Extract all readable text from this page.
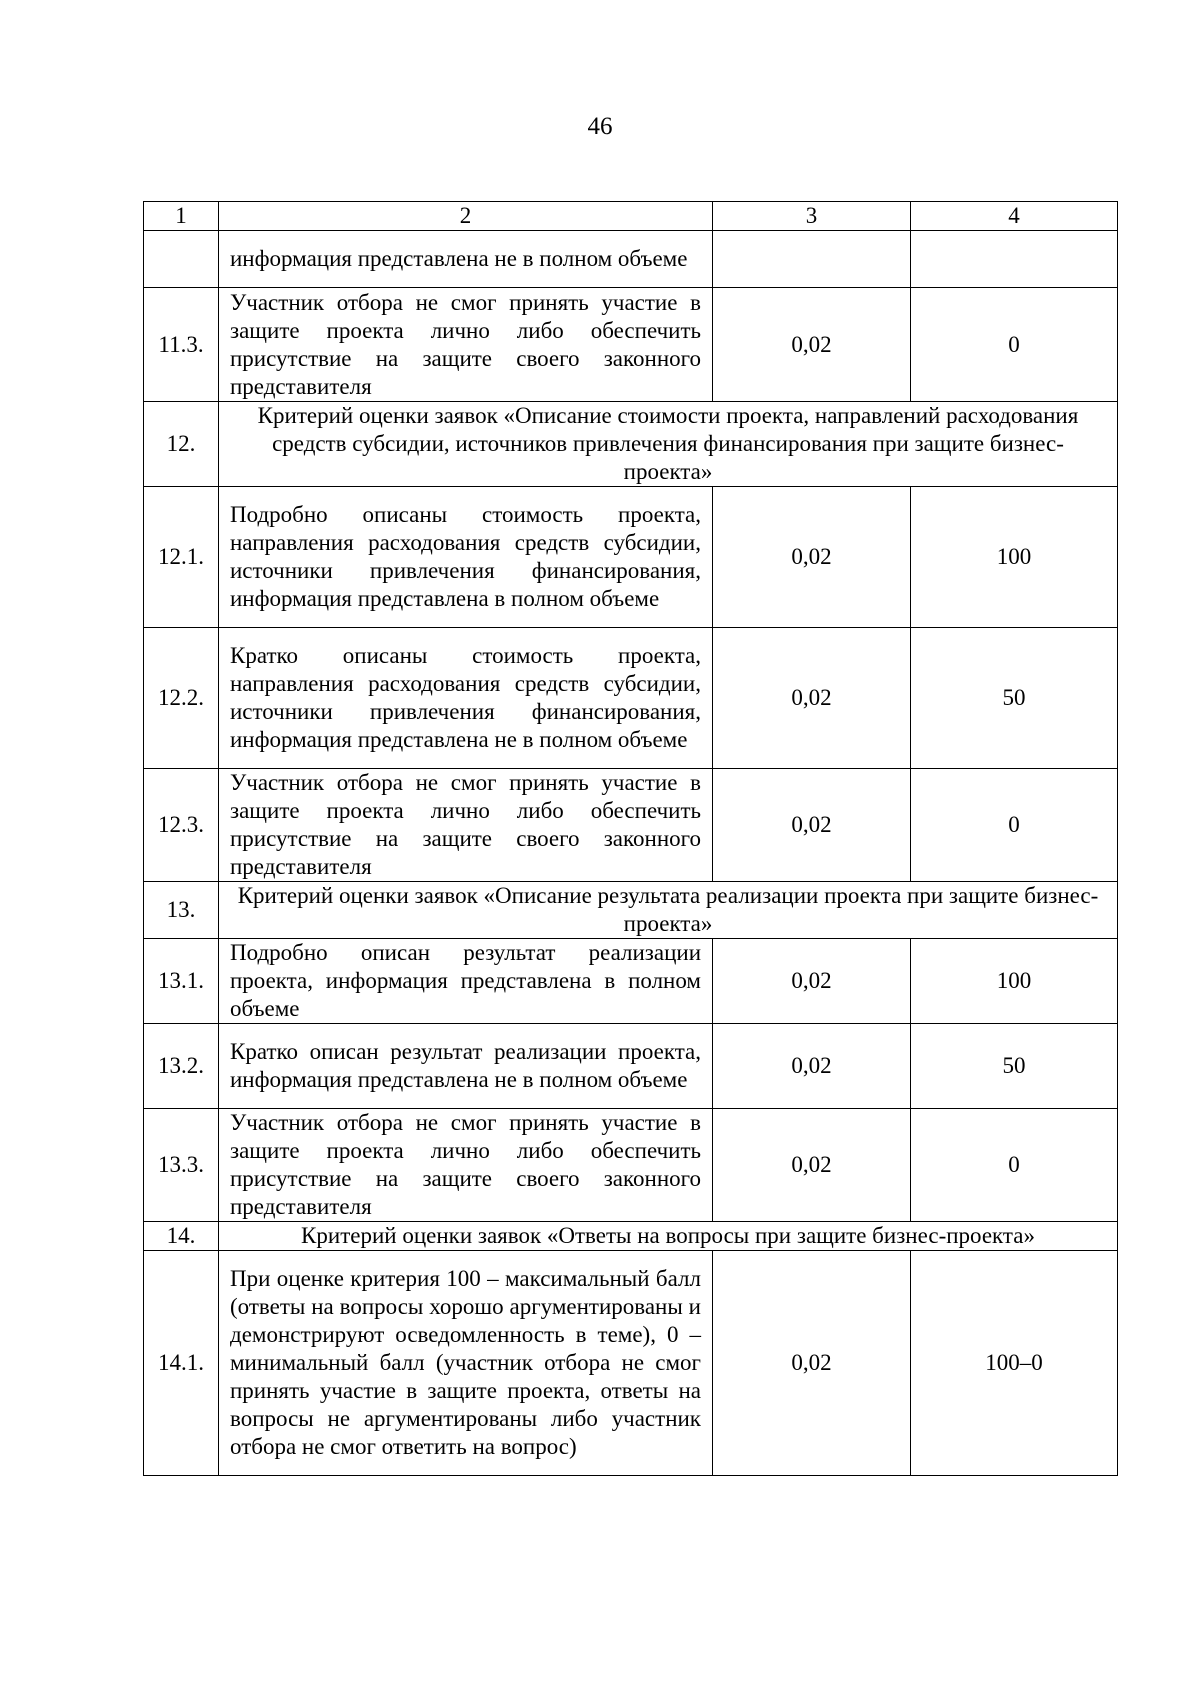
46
1	2	3	4
	информация представлена не в полном объеме		
11.3.	Участник отбора не смог принять участие в защите проекта лично либо обеспечить присутствие на защите своего законного представителя	0,02	0
12.	Критерий оценки заявок «Описание стоимости проекта, направлений расходования средств субсидии, источников привлечения финансирования при защите бизнес-проекта»		
12.1.	Подробно описаны стоимость проекта, направления расходования средств субсидии, источники привлечения финансирования, информация представлена в полном объеме	0,02	100
12.2.	Кратко описаны стоимость проекта, направления расходования средств субсидии, источники привлечения финансирования, информация представлена не в полном объеме	0,02	50
12.3.	Участник отбора не смог принять участие в защите проекта лично либо обеспечить присутствие на защите своего законного представителя	0,02	0
13.	Критерий оценки заявок «Описание результата реализации проекта при защите бизнес-проекта»		
13.1.	Подробно описан результат реализации проекта, информация представлена в полном объеме	0,02	100
13.2.	Кратко описан результат реализации проекта, информация представлена не в полном объеме	0,02	50
13.3.	Участник отбора не смог принять участие в защите проекта лично либо обеспечить присутствие на защите своего законного представителя	0,02	0
14.	Критерий оценки заявок «Ответы на вопросы при защите бизнес-проекта»		
14.1.	При оценке критерия 100 – максимальный балл (ответы на вопросы хорошо аргументированы и демонстрируют осведомленность в теме), 0 – минимальный балл (участник отбора не смог принять участие в защите проекта, ответы на вопросы не аргументированы либо участник отбора не смог ответить на вопрос)	0,02	100–0
